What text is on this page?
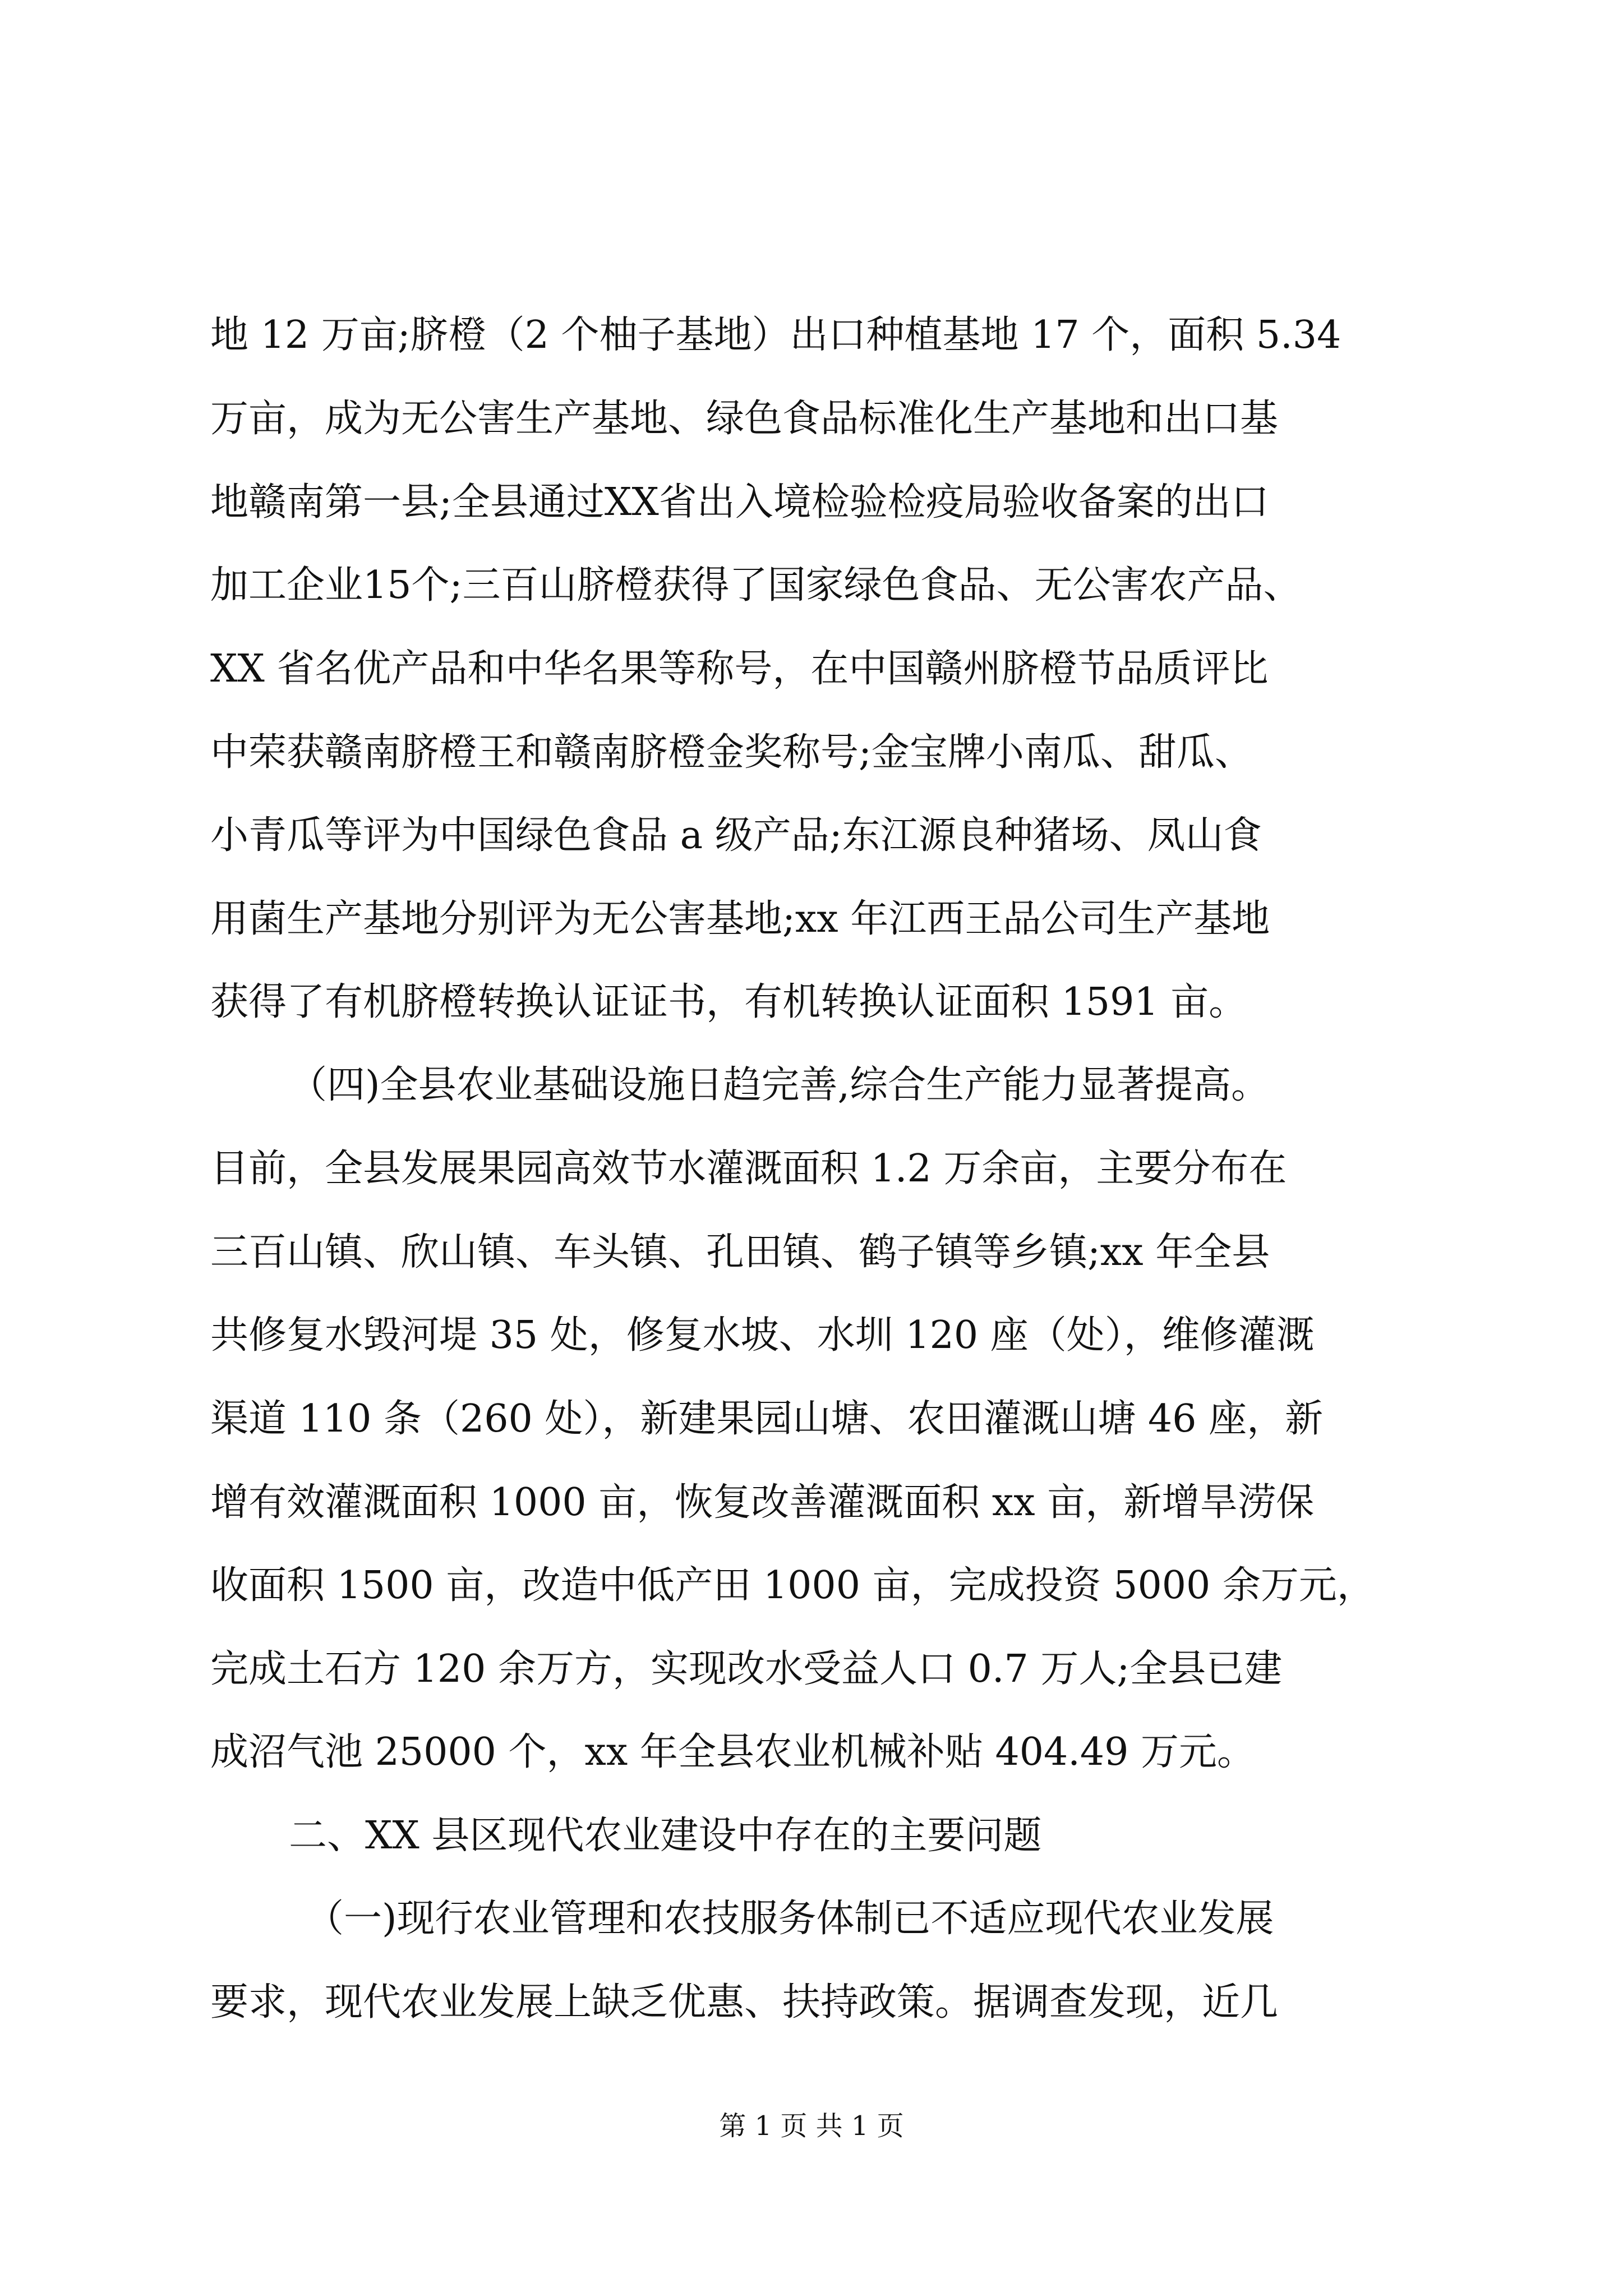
地 12 万亩;脐橙（2 个柚子基地）出口种植基地 17 个，面积 5.34
万亩，成为无公害生产基地、绿色食品标准化生产基地和出口基
地赣南第一县;全县通过XX省出入境检验检疫局验收备案的出口
加工企业15个;三百山脐橙获得了国家绿色食品、无公害农产品、
XX 省名优产品和中华名果等称号，在中国赣州脐橙节品质评比
中荣获赣南脐橙王和赣南脐橙金奖称号;金宝牌小南瓜、甜瓜、
小青瓜等评为中国绿色食品 a 级产品;东江源良种猪场、凤山食
用菌生产基地分别评为无公害基地;xx 年江西王品公司生产基地
获得了有机脐橙转换认证证书，有机转换认证面积 1591 亩。
（四)全县农业基础设施日趋完善,综合生产能力显著提高。
目前，全县发展果园高效节水灌溉面积 1.2 万余亩，主要分布在
三百山镇、欣山镇、车头镇、孔田镇、鹤子镇等乡镇;xx 年全县
共修复水毁河堤 35 处，修复水坡、水圳 120 座（处），维修灌溉
渠道 110 条（260 处），新建果园山塘、农田灌溉山塘 46 座，新
增有效灌溉面积 1000 亩，恢复改善灌溉面积 xx 亩，新增旱涝保
收面积 1500 亩，改造中低产田 1000 亩，完成投资 5000 余万元，
完成土石方 120 余万方，实现改水受益人口 0.7 万人;全县已建
成沼气池 25000 个，xx 年全县农业机械补贴 404.49 万元。
二、XX 县区现代农业建设中存在的主要问题
（一)现行农业管理和农技服务体制已不适应现代农业发展
要求，现代农业发展上缺乏优惠、扶持政策。据调查发现，近几
第 1 页 共 1 页
